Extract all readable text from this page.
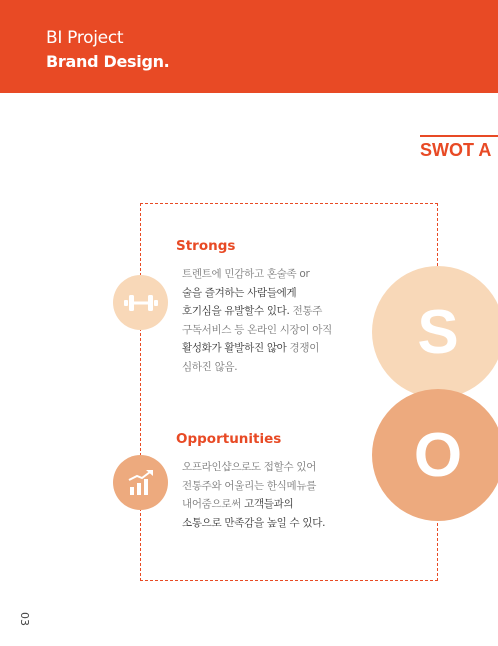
BI Project
Brand Design.
SWOT A
Strongs
트렌트에 민감하고 혼술족 or
술을 즐겨하는 사람들에게
호기심을 유발할수 있다. 전통주
구독서비스 등 온라인 시장이 아직
활성화가 활발하진 않아 경쟁이
심하진 않음.
S
Opportunities
오프라인샵으로도 접할수 있어
전통주와 어울리는 한식메뉴를
내어줌으로써 고객들과의
소통으로 만족감을 높일 수 있다.
O
03
